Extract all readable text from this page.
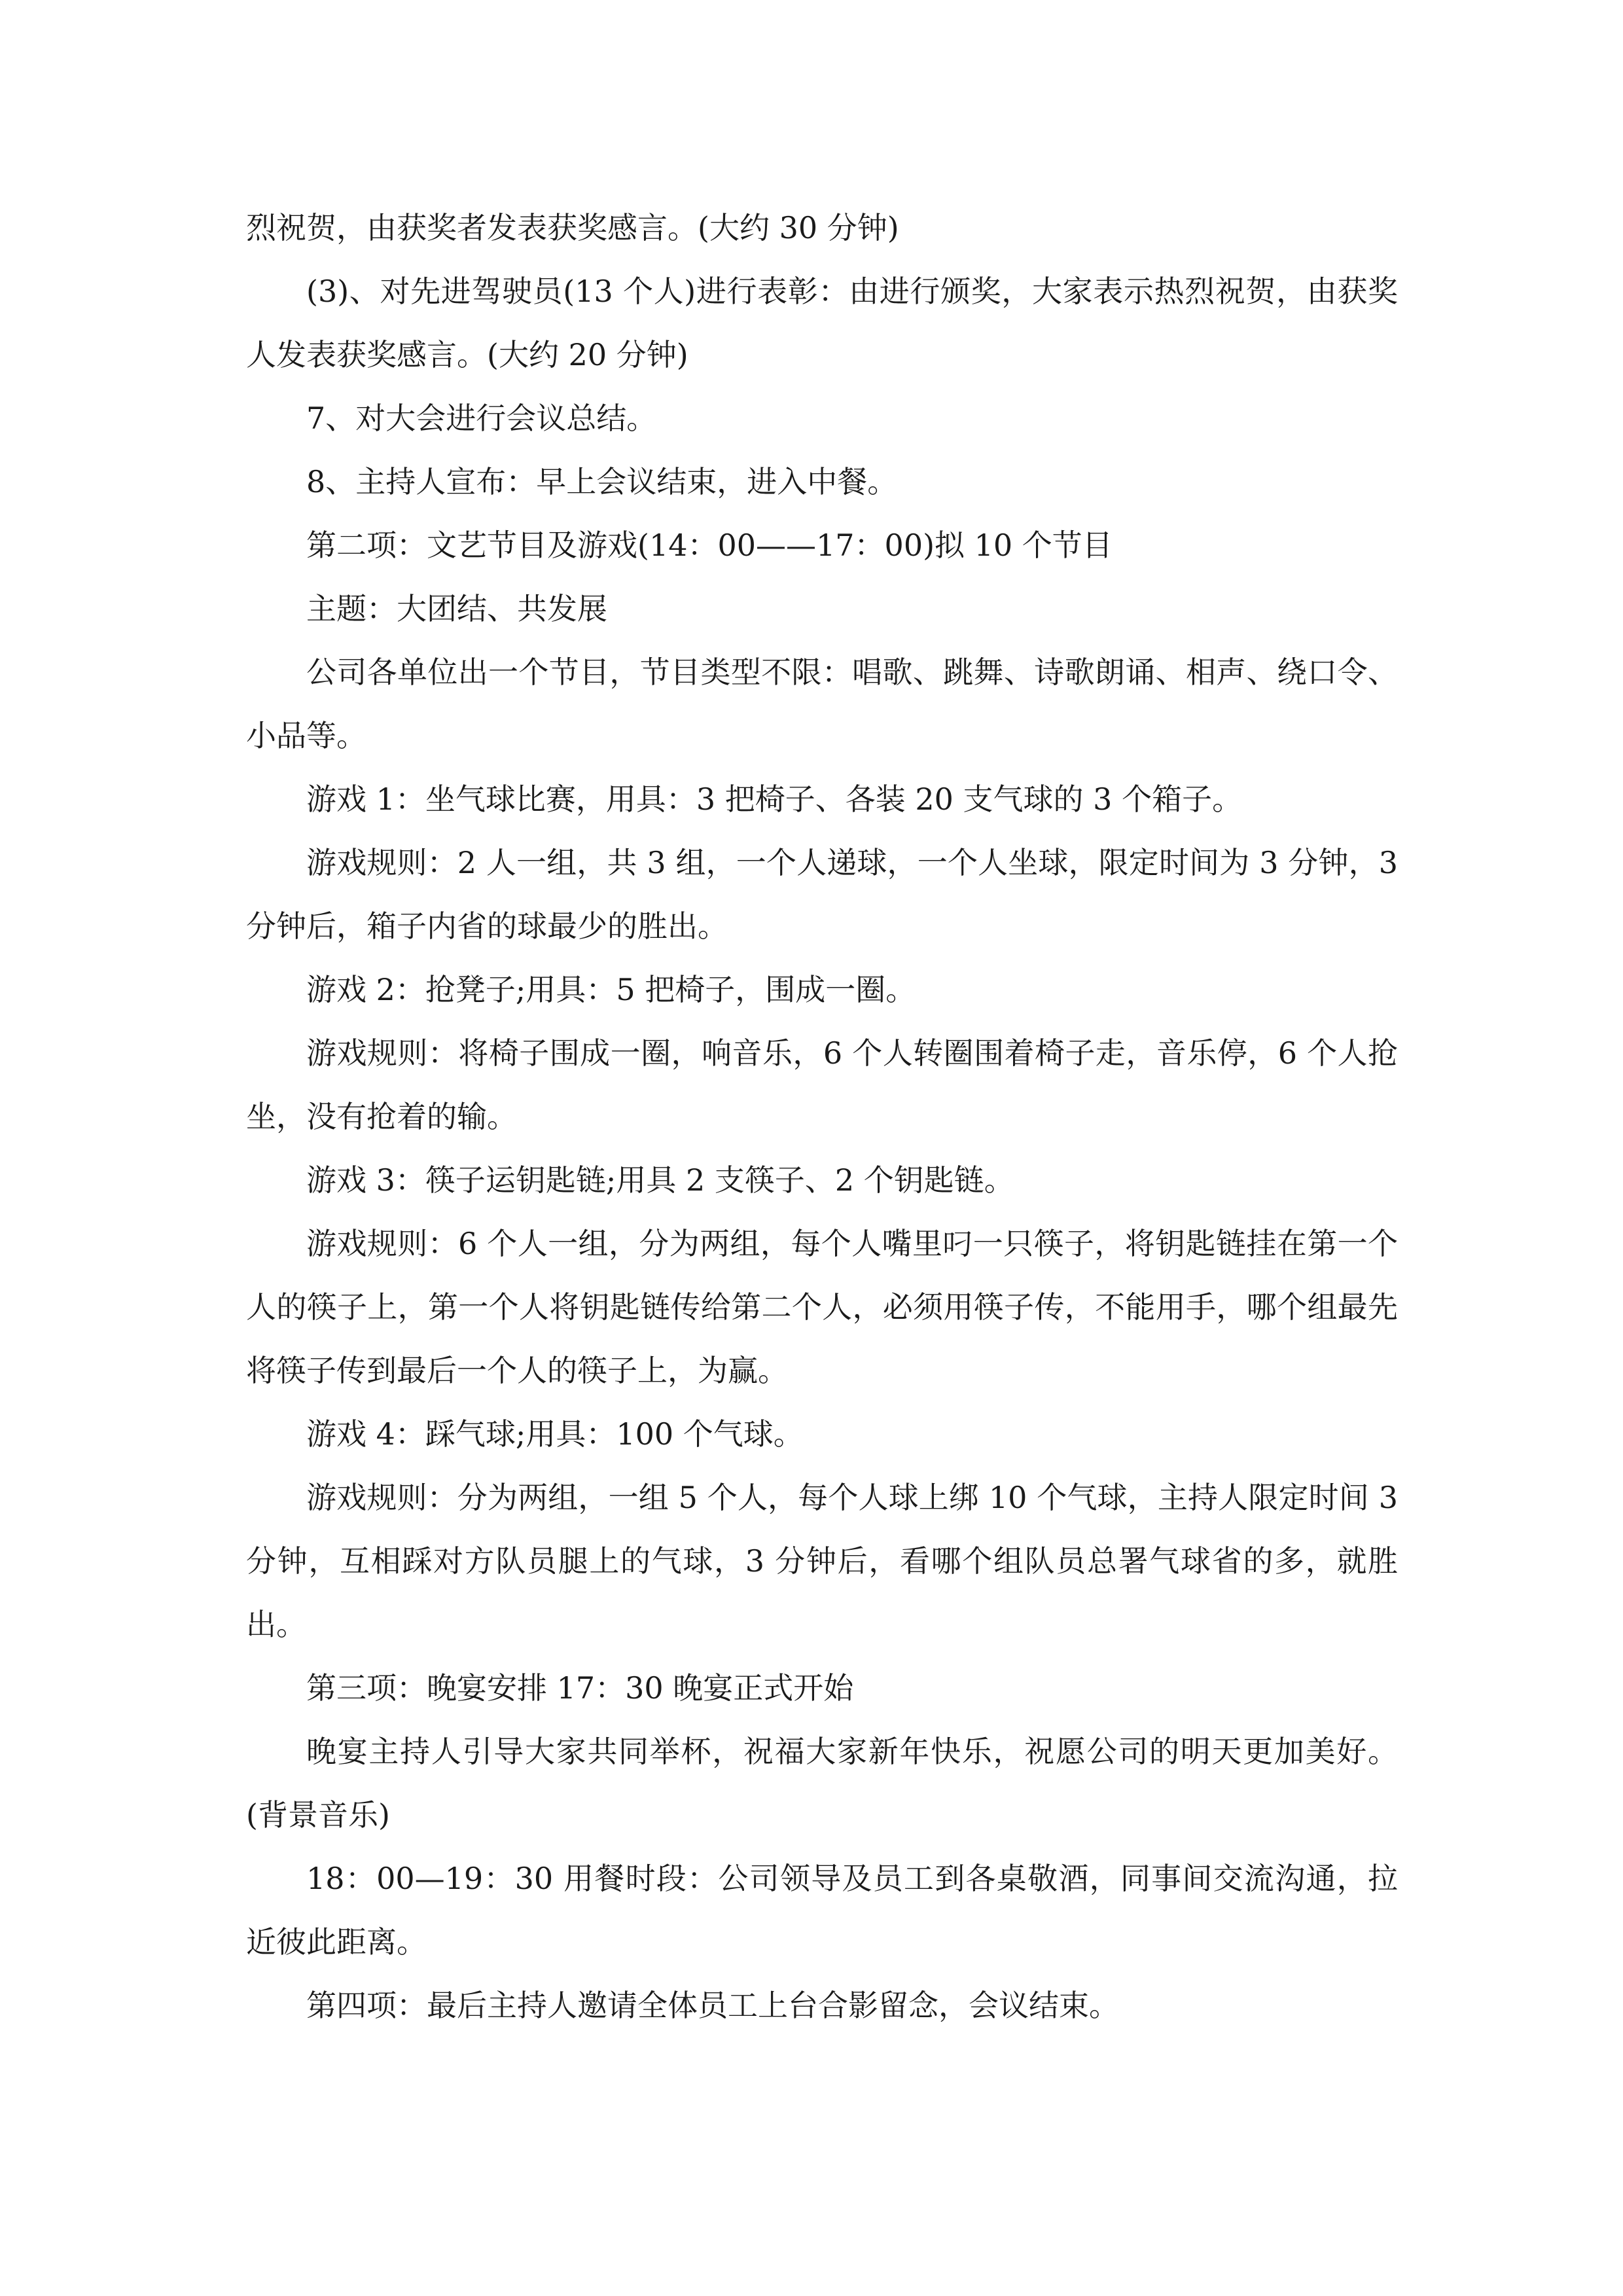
烈祝贺，由获奖者发表获奖感言。(大约 30 分钟)

(3)、对先进驾驶员(13 个人)进行表彰：由进行颁奖，大家表示热烈祝贺，由获奖人发表获奖感言。(大约 20 分钟)

7、对大会进行会议总结。

8、主持人宣布：早上会议结束，进入中餐。

第二项：文艺节目及游戏(14：00——17：00)拟 10 个节目

主题：大团结、共发展

公司各单位出一个节目，节目类型不限：唱歌、跳舞、诗歌朗诵、相声、绕口令、小品等。

游戏 1：坐气球比赛，用具：3 把椅子、各装 20 支气球的 3 个箱子。

游戏规则：2 人一组，共 3 组，一个人递球，一个人坐球，限定时间为 3 分钟，3 分钟后，箱子内省的球最少的胜出。

游戏 2：抢凳子;用具：5 把椅子，围成一圈。

游戏规则：将椅子围成一圈，响音乐，6 个人转圈围着椅子走，音乐停，6 个人抢坐，没有抢着的输。

游戏 3：筷子运钥匙链;用具 2 支筷子、2 个钥匙链。

游戏规则：6 个人一组，分为两组，每个人嘴里叼一只筷子，将钥匙链挂在第一个人的筷子上，第一个人将钥匙链传给第二个人，必须用筷子传，不能用手，哪个组最先将筷子传到最后一个人的筷子上，为赢。

游戏 4：踩气球;用具：100 个气球。

游戏规则：分为两组，一组 5 个人，每个人球上绑 10 个气球，主持人限定时间 3 分钟，互相踩对方队员腿上的气球，3 分钟后，看哪个组队员总署气球省的多，就胜出。

第三项：晚宴安排 17：30 晚宴正式开始

晚宴主持人引导大家共同举杯，祝福大家新年快乐，祝愿公司的明天更加美好。(背景音乐)

18：00—19：30 用餐时段：公司领导及员工到各桌敬酒，同事间交流沟通，拉近彼此距离。

第四项：最后主持人邀请全体员工上台合影留念，会议结束。
